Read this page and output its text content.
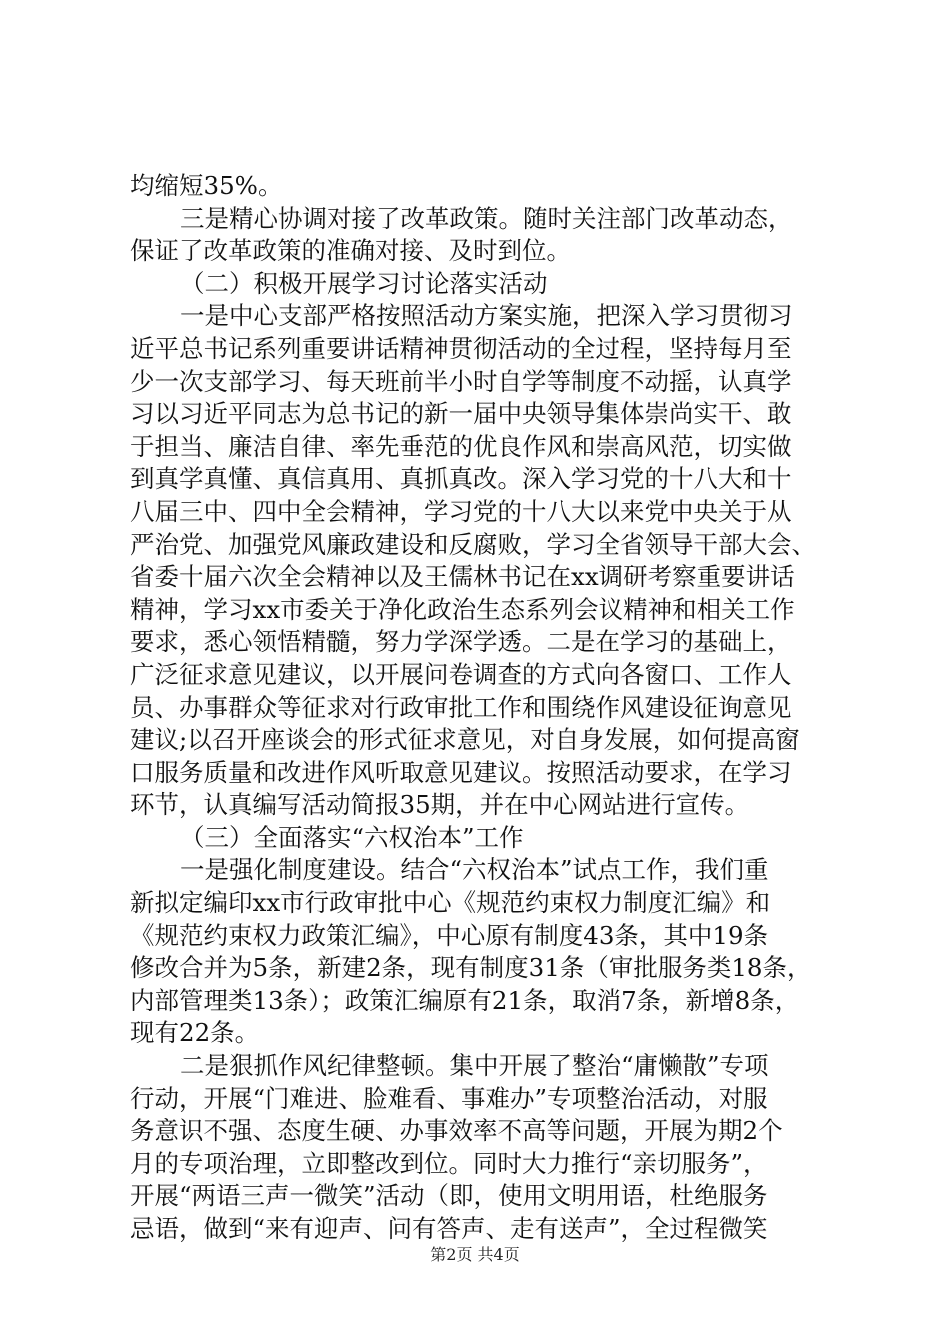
均缩短35%。
三是精心协调对接了改革政策。随时关注部门改革动态，
保证了改革政策的准确对接、及时到位。
（二）积极开展学习讨论落实活动
一是中心支部严格按照活动方案实施，把深入学习贯彻习
近平总书记系列重要讲话精神贯彻活动的全过程，坚持每月至
少一次支部学习、每天班前半小时自学等制度不动摇，认真学
习以习近平同志为总书记的新一届中央领导集体崇尚实干、敢
于担当、廉洁自律、率先垂范的优良作风和崇高风范，切实做
到真学真懂、真信真用、真抓真改。深入学习党的十八大和十
八届三中、四中全会精神，学习党的十八大以来党中央关于从
严治党、加强党风廉政建设和反腐败，学习全省领导干部大会、
省委十届六次全会精神以及王儒林书记在xx调研考察重要讲话
精神，学习xx市委关于净化政治生态系列会议精神和相关工作
要求，悉心领悟精髓，努力学深学透。二是在学习的基础上，
广泛征求意见建议，以开展问卷调查的方式向各窗口、工作人
员、办事群众等征求对行政审批工作和围绕作风建设征询意见
建议;以召开座谈会的形式征求意见，对自身发展，如何提高窗
口服务质量和改进作风听取意见建议。按照活动要求，在学习
环节，认真编写活动简报35期，并在中心网站进行宣传。
（三）全面落实“六权治本”工作
一是强化制度建设。结合“六权治本”试点工作，我们重
新拟定编印xx市行政审批中心《规范约束权力制度汇编》和
《规范约束权力政策汇编》，中心原有制度43条，其中19条
修改合并为5条，新建2条，现有制度31条（审批服务类18条，
内部管理类13条）；政策汇编原有21条，取消7条，新增8条，
现有22条。
二是狠抓作风纪律整顿。集中开展了整治“庸懒散”专项
行动，开展“门难进、脸难看、事难办”专项整治活动，对服
务意识不强、态度生硬、办事效率不高等问题，开展为期2个
月的专项治理，立即整改到位。同时大力推行“亲切服务”，
开展“两语三声一微笑”活动（即，使用文明用语，杜绝服务
忌语，做到“来有迎声、问有答声、走有送声”，全过程微笑
第2页 共4页
